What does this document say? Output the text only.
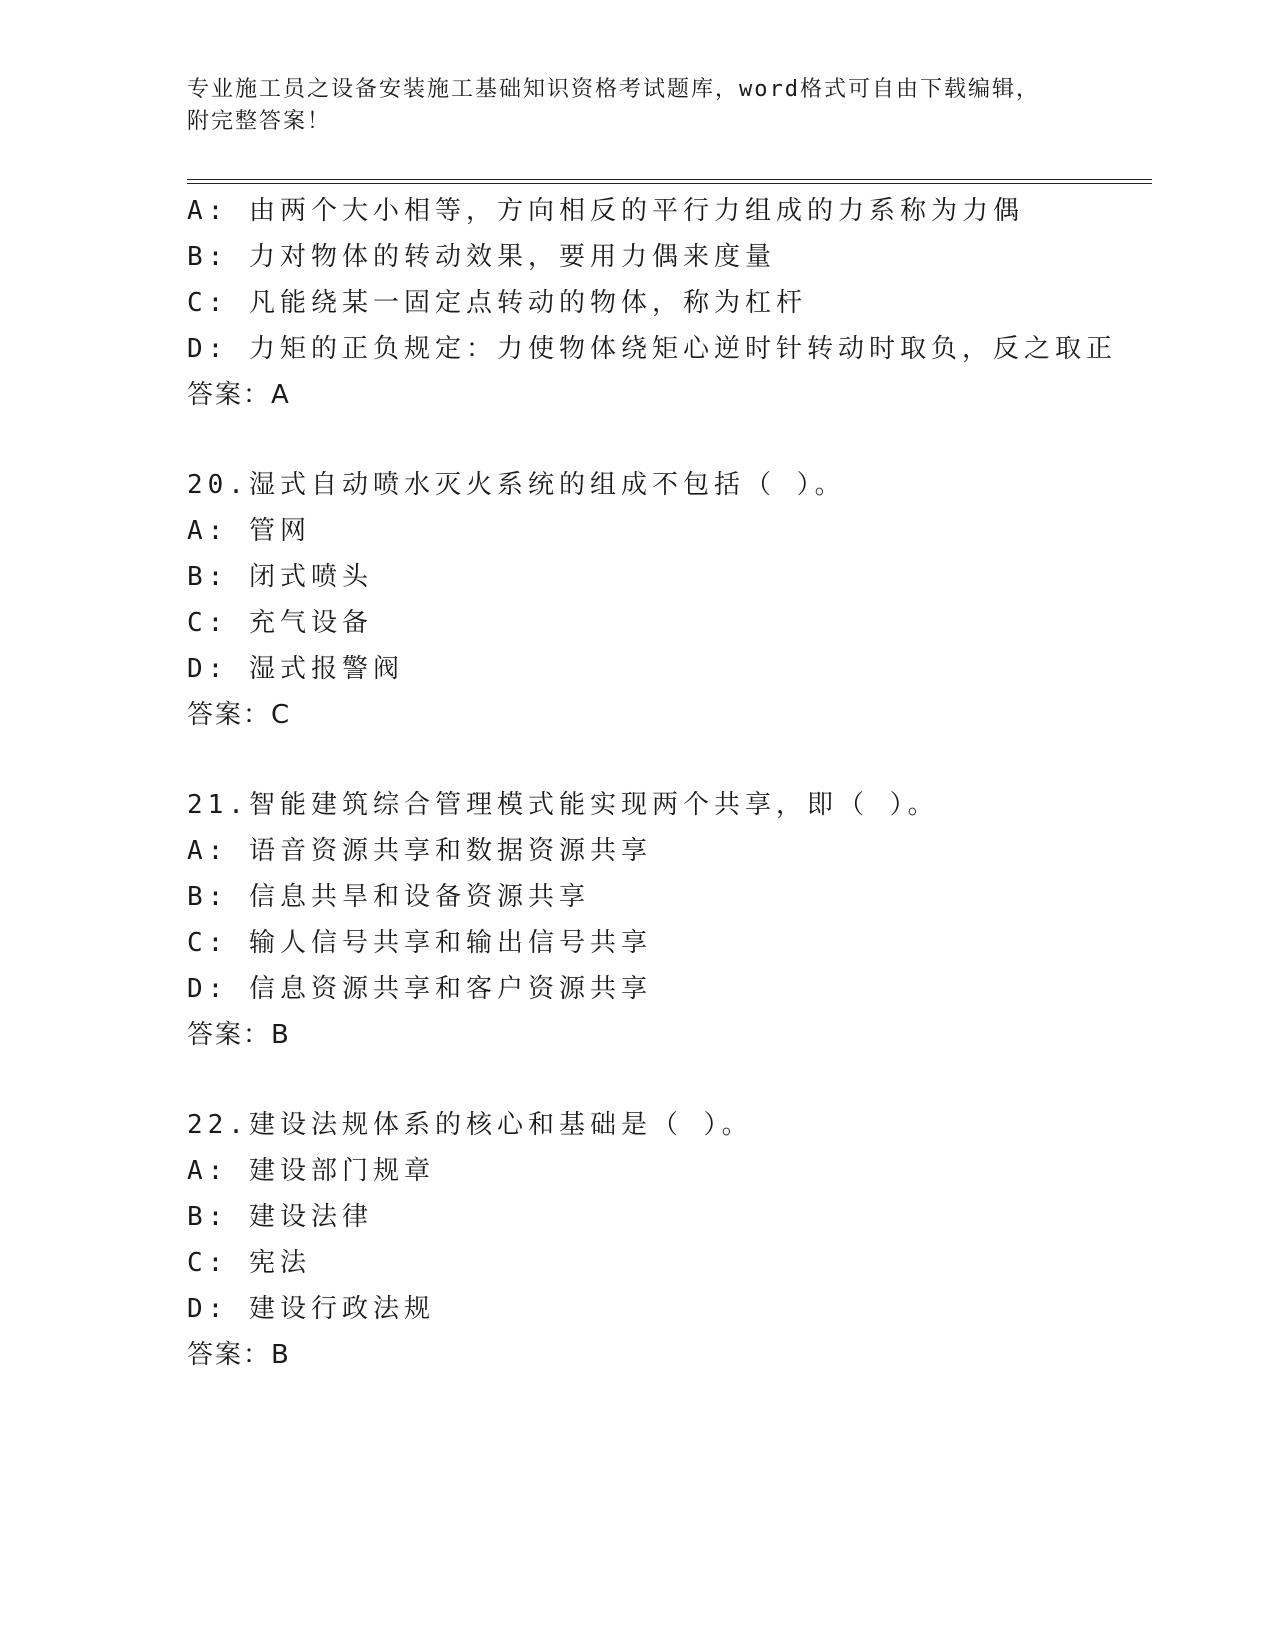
专业施工员之设备安装施工基础知识资格考试题库，word格式可自由下载编辑，
附完整答案！
A: 由两个大小相等，方向相反的平行力组成的力系称为力偶
B: 力对物体的转动效果，要用力偶来度量
C: 凡能绕某一固定点转动的物体，称为杠杆
D: 力矩的正负规定：力使物体绕矩心逆时针转动时取负，反之取正
答案：A
20.湿式自动喷水灭火系统的组成不包括（ ）。
A: 管网
B: 闭式喷头
C: 充气设备
D: 湿式报警阀
答案：C
21.智能建筑综合管理模式能实现两个共享，即（ ）。
A: 语音资源共享和数据资源共享
B: 信息共旱和设备资源共享
C: 输人信号共享和输出信号共享
D: 信息资源共享和客户资源共享
答案：B
22.建设法规体系的核心和基础是（ ）。
A: 建设部门规章
B: 建设法律
C: 宪法
D: 建设行政法规
答案：B
